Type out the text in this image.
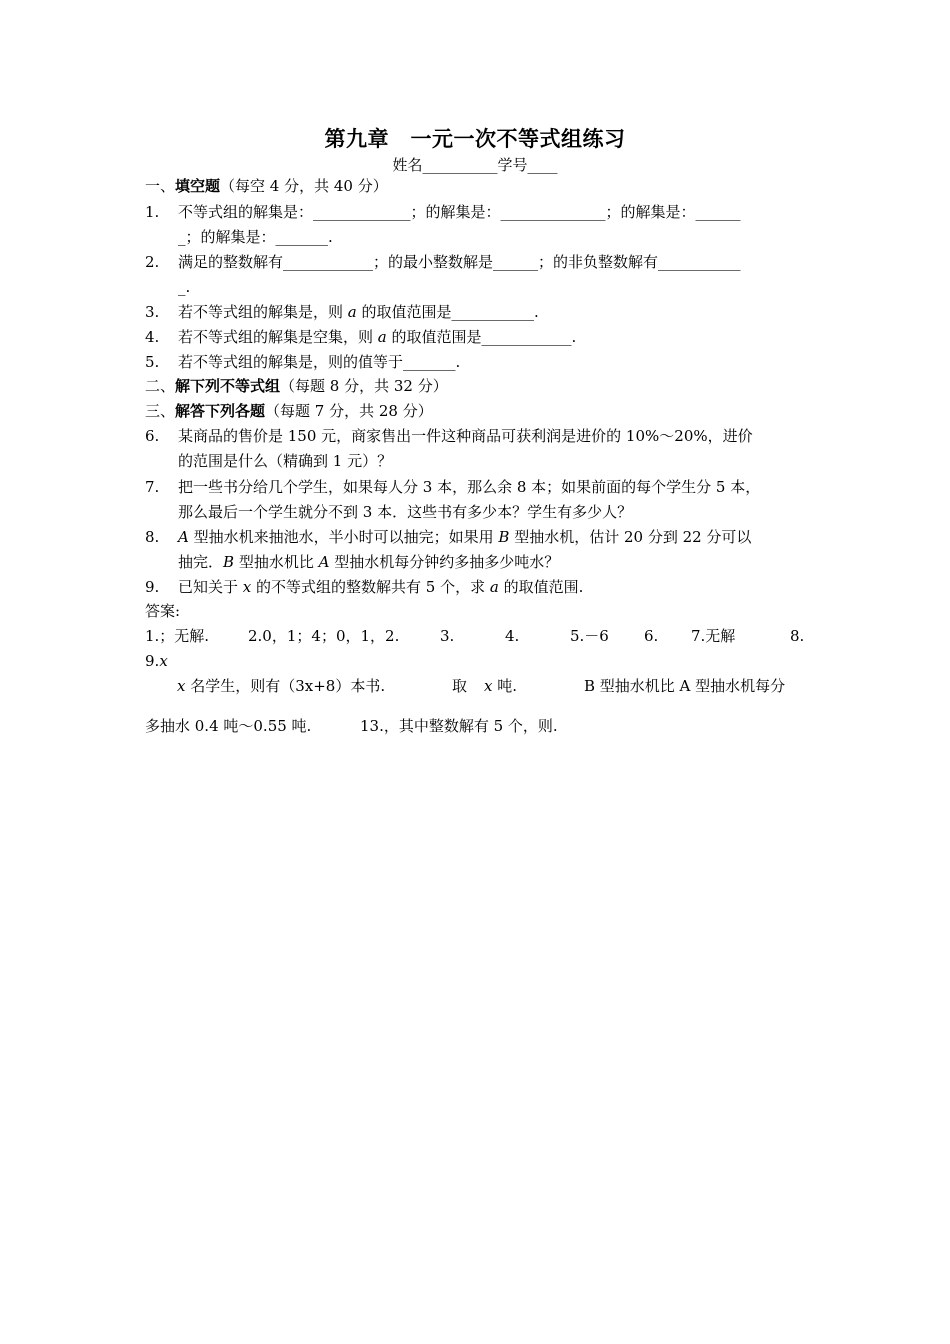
第九章　一元一次不等式组练习
姓名__________学号____
一、填空题（每空 4 分，共 40 分）
1. 不等式组的解集是：_____________；的解集是：______________；的解集是：______
_；的解集是：_______.
2. 满足的整数解有____________；的最小整数解是______；的非负整数解有___________
_.
3. 若不等式组的解集是，则 a 的取值范围是___________.
4. 若不等式组的解集是空集，则 a 的取值范围是____________.
5. 若不等式组的解集是，则的值等于_______.
二、解下列不等式组（每题 8 分，共 32 分）
三、解答下列各题（每题 7 分，共 28 分）
6. 某商品的售价是 150 元，商家售出一件这种商品可获利润是进价的 10%～20%，进价
的范围是什么（精确到 1 元）？
7. 把一些书分给几个学生，如果每人分 3 本，那么余 8 本；如果前面的每个学生分 5 本，
那么最后一个学生就分不到 3 本．这些书有多少本？学生有多少人？
8. A 型抽水机来抽池水，半小时可以抽完；如果用 B 型抽水机，估计 20 分到 22 分可以
抽完．B 型抽水机比 A 型抽水机每分钟约多抽多少吨水？
9. 已知关于 x 的不等式组的整数解共有 5 个，求 a 的取值范围.
答案:
1.；无解.	2.0，1；4；0，1，2.	3.	4.	5.－6 6. 7.无解	8.
9.x
x 名学生，则有（3x+8）本书.	取 x 吨.	B 型抽水机比 A 型抽水机每分
多抽水 0.4 吨～0.55 吨.	13.，其中整数解有 5 个，则.
